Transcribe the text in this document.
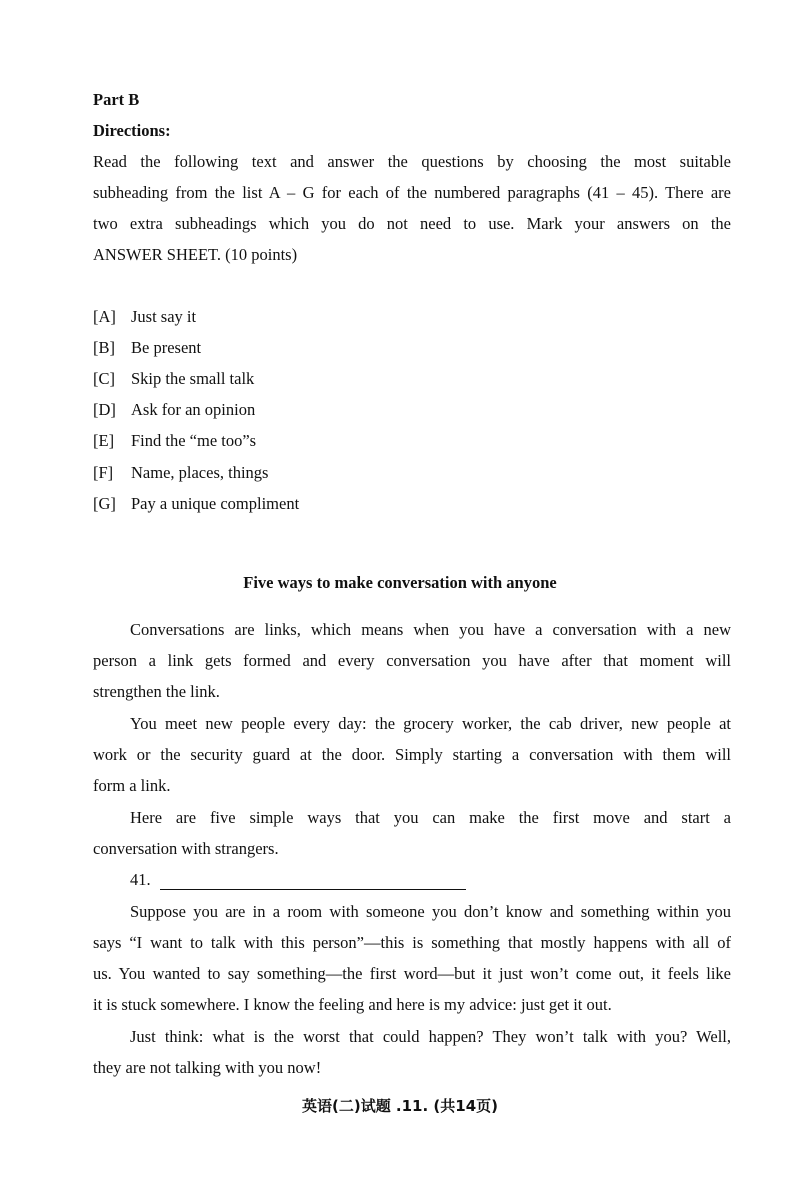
Part B
Directions:
Read the following text and answer the questions by choosing the most suitable
subheading from the list A – G for each of the numbered paragraphs (41 – 45). There are
two extra subheadings which you do not need to use. Mark your answers on the
ANSWER SHEET. (10 points)
[A] Just say it
[B] Be present
[C] Skip the small talk
[D] Ask for an opinion
[E] Find the “me too”s
[F] Name, places, things
[G] Pay a unique compliment
Five ways to make conversation with anyone
Conversations are links, which means when you have a conversation with a new
person a link gets formed and every conversation you have after that moment will
strengthen the link.
You meet new people every day: the grocery worker, the cab driver, new people at
work or the security guard at the door. Simply starting a conversation with them will
form a link.
Here are five simple ways that you can make the first move and start a
conversation with strangers.
41.
Suppose you are in a room with someone you don’t know and something within you
says “I want to talk with this person”—this is something that mostly happens with all of
us. You wanted to say something—the first word—but it just won’t come out, it feels like
it is stuck somewhere. I know the feeling and here is my advice: just get it out.
Just think: what is the worst that could happen? They won’t talk with you? Well,
they are not talking with you now!
英语(二)试题 .11. (共14页)
